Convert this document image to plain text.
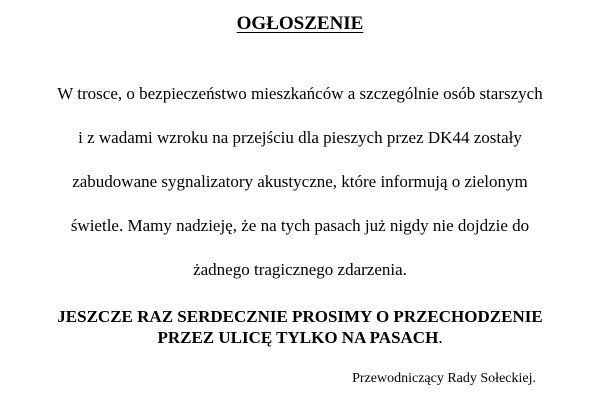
OGŁOSZENIE
W trosce, o bezpieczeństwo mieszkańców a szczególnie osób starszych
i z wadami wzroku na przejściu dla pieszych przez DK44 zostały
zabudowane sygnalizatory akustyczne, które informują o zielonym
świetle. Mamy nadzieję, że na tych pasach już nigdy nie dojdzie do
żadnego tragicznego zdarzenia.
JESZCZE RAZ SERDECZNIE PROSIMY O PRZECHODZENIE
PRZEZ ULICĘ TYLKO NA PASACH.

Przewodniczący Rady Sołeckiej.
